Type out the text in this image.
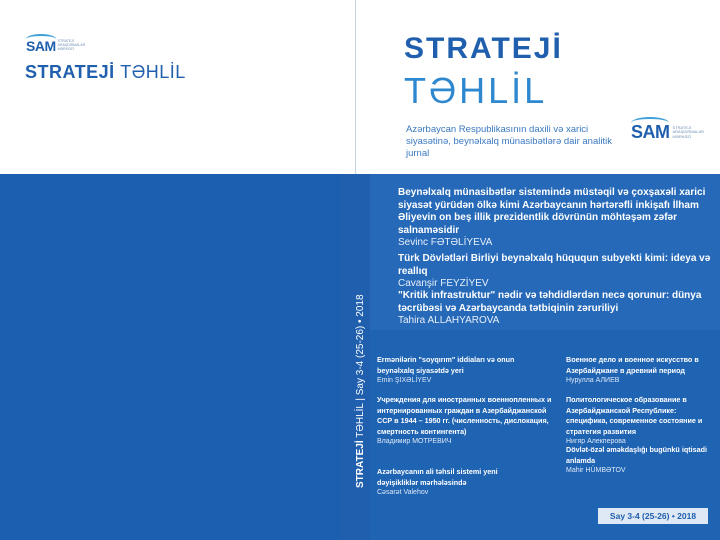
SAM STRATEJİ ARAŞDIRMALAR MƏRKƏZİ
STRATEJİ TƏHLİL
STRATEJİ
TƏHLİL
Azərbaycan Respublikasının daxili və xarici siyasətinə, beynəlxalq münasibətlərə dair analitik jurnal
SAM STRATEJİ ARAŞDIRMALAR MƏRKƏZİ
STRATEJİ TƏHLİL | Say 3-4 (25-26) • 2018
Beynəlxalq münasibətlər sistemində müstəqil və çoxşaxəli xarici siyasət yürüdən ölkə kimi Azərbaycanın hərtərəfli inkişafı İlham Əliyevin on beş illik prezidentlik dövrünün möhtəşəm zəfər salnaməsidir
Sevinc FƏTƏLİYEVA
Türk Dövlətləri Birliyi beynəlxalq hüququn subyekti kimi: ideya və reallıq
Cavanşir FEYZİYEV
"Kritik infrastruktur" nədir və təhdidlərdən necə qorunur: dünya təcrübəsi və Azərbaycanda tətbiqinin zəruriliyi
Tahira ALLAHYAROVA
Ermənilərin "soyqırım" iddiaları və onun beynəlxalq siyasətdə yeri
Emin ŞIXƏLİYEV
Учреждения для иностранных военнопленных и интернированных граждан в Азербайджанской ССР в 1944 – 1950 гг. (численность, дислокация, смертность контингента)
Владимир МОТРЕВИЧ
Azərbaycanın ali təhsil sistemi yeni dəyişikliklər mərhələsində
Cəsarət Valehov
Военное дело и военное искусство в Азербайджане в древний период
Нурулла АЛИЕВ
Политологическое образование в Азербайджанской Республике: специфика, современное состояние и стратегия развития
Нигяр Алекперова
Dövlət-özəl əməkdaşlığı bugünkü iqtisadi anlamda
Mahir HÜMBƏTOV
Say 3-4 (25-26) • 2018
